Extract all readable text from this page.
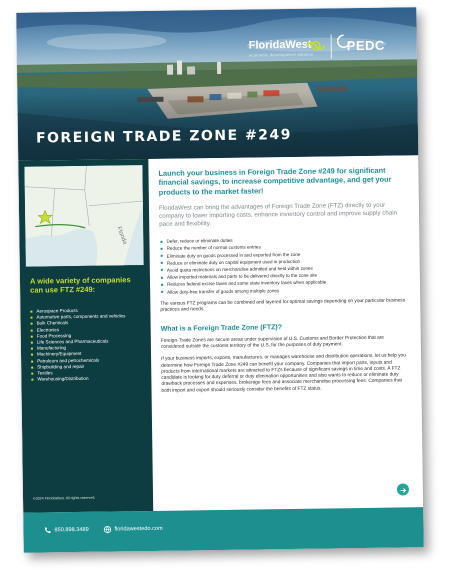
FloridaWest
economic development alliance
PEDC
FOREIGN TRADE ZONE #249
Florida
A wide variety of companies can use FTZ #249:
Aerospace Products
Automotive parts, components and vehicles
Bulk Chemicals
Electronics
Food Processing
Life Sciences and Pharmaceuticals
Manufacturing
Machinery/Equipment
Petroleum and petrochemicals
Shipbuilding and repair
Textiles
Warehousing/Distribution
©2024 FloridaWest. All rights reserved.

Launch your business in Foreign Trade Zone #249 for significant financial savings, to increase competitive advantage, and get your products to the market faster!

FloridaWest can bring the advantages of Foreign Trade Zone (FTZ) directly to your company to lower importing costs, enhance inventory control and improve supply chain pace and flexibility.

Defer, reduce or eliminate duties
Reduce the number of normal customs entries
Eliminate duty on goods processed in and exported from the zone
Reduce or eliminate duty on capital equipment used in production
Avoid quota restrictions on merchandise admitted and held within zones
Allow imported materials and parts to be delivered directly to the zone site
Reduces federal excise taxes and some state inventory taxes when applicable
Allow duty-free transfer of goods among multiple zones

The various FTZ programs can be combined and layered for optimal savings depending on your particular business practices and needs.

What is a Foreign Trade Zone (FTZ)?

Foreign-Trade Zones are secure areas under supervision of U.S. Customs and Border Protection that are considered outside the customs territory of the U.S. for the purposes of duty payment.

If your business imports, exports, manufactures, or manages warehouse and distribution operations, let us help you determine how Foreign Trade Zone #249 can benefit your company. Companies that import parts, inputs and products from international markets are attracted to FTZs because of significant savings in time and costs. A FTZ candidate is looking for duty deferral or duty elimination opportunities and also wants to reduce or eliminate duty drawback processes and expenses, brokerage fees and associate merchandise processing fees. Companies that both import and export should seriously consider the benefits of FTZ status.

850.898.3489	floridawestedo.com
